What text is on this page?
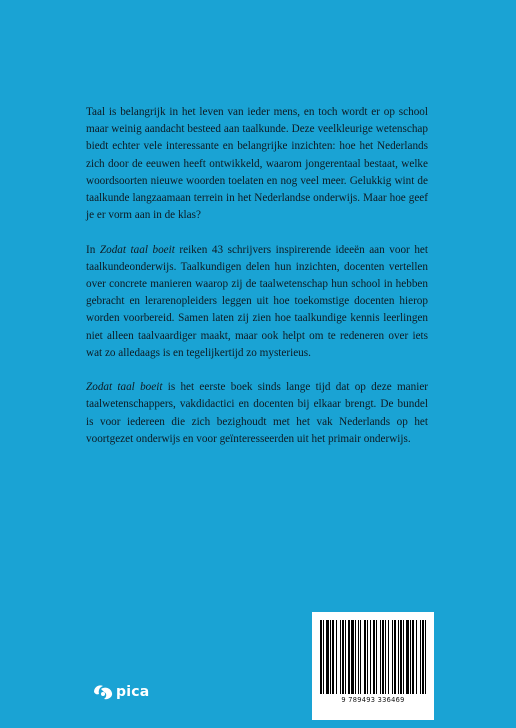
Taal is belangrijk in het leven van ieder mens, en toch wordt er op school maar weinig aandacht besteed aan taalkunde. Deze veelkleurige wetenschap biedt echter vele interessante en belangrijke inzichten: hoe het Nederlands zich door de eeuwen heeft ontwikkeld, waarom jongerentaal bestaat, welke woordsoorten nieuwe woorden toelaten en nog veel meer. Gelukkig wint de taalkunde langzaamaan terrein in het Nederlandse onderwijs. Maar hoe geef je er vorm aan in de klas?

In Zodat taal boeit reiken 43 schrijvers inspirerende ideeën aan voor het taalkundeonderwijs. Taalkundigen delen hun inzichten, docenten vertellen over concrete manieren waarop zij de taalwetenschap hun school in hebben gebracht en lerarenopleiders leggen uit hoe toekomstige docenten hierop worden voorbereid. Samen laten zij zien hoe taalkundige kennis leerlingen niet alleen taalvaardiger maakt, maar ook helpt om te redeneren over iets wat zo alledaags is en tegelijkertijd zo mysterieus.

Zodat taal boeit is het eerste boek sinds lange tijd dat op deze manier taalwetenschappers, vakdidactici en docenten bij elkaar brengt. De bundel is voor iedereen die zich bezighoudt met het vak Nederlands op het voortgezet onderwijs en voor geïnteresseerden uit het primair onderwijs.

9 789493 336469
pica
